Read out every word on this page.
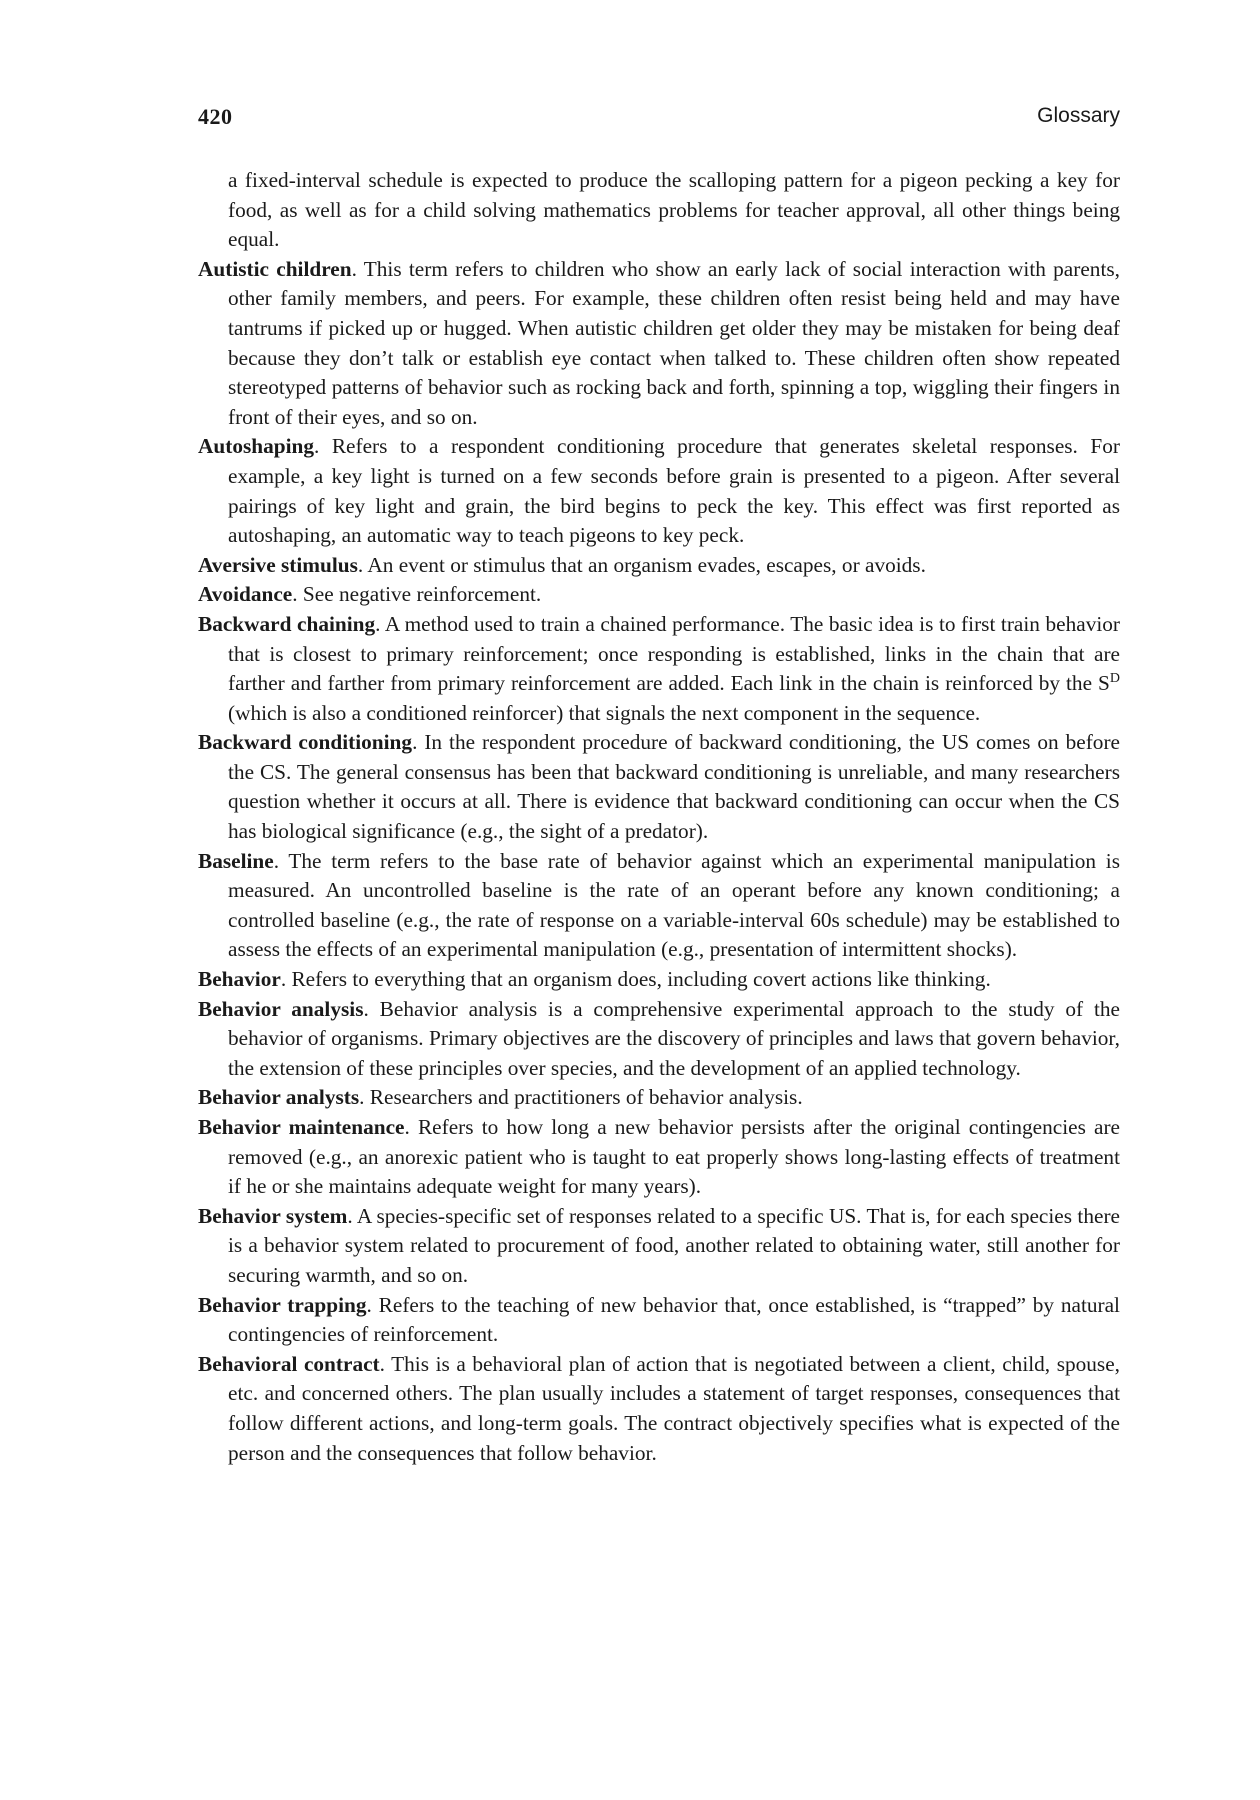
420	Glossary

a fixed-interval schedule is expected to produce the scalloping pattern for a pigeon pecking a key for food, as well as for a child solving mathematics problems for teacher approval, all other things being equal.

Autistic children. This term refers to children who show an early lack of social interaction with parents, other family members, and peers. For example, these children often resist being held and may have tantrums if picked up or hugged. When autistic children get older they may be mistaken for being deaf because they don’t talk or establish eye contact when talked to. These children often show repeated stereotyped patterns of behavior such as rocking back and forth, spinning a top, wiggling their fingers in front of their eyes, and so on.

Autoshaping. Refers to a respondent conditioning procedure that generates skeletal responses. For example, a key light is turned on a few seconds before grain is presented to a pigeon. After several pairings of key light and grain, the bird begins to peck the key. This effect was first reported as autoshaping, an automatic way to teach pigeons to key peck.

Aversive stimulus. An event or stimulus that an organism evades, escapes, or avoids.

Avoidance. See negative reinforcement.

Backward chaining. A method used to train a chained performance. The basic idea is to first train behavior that is closest to primary reinforcement; once responding is established, links in the chain that are farther and farther from primary reinforcement are added. Each link in the chain is reinforced by the $S^D$ (which is also a conditioned reinforcer) that signals the next component in the sequence.

Backward conditioning. In the respondent procedure of backward conditioning, the US comes on before the CS. The general consensus has been that backward conditioning is unreliable, and many researchers question whether it occurs at all. There is evidence that backward conditioning can occur when the CS has biological significance (e.g., the sight of a predator).

Baseline. The term refers to the base rate of behavior against which an experimental manipulation is measured. An uncontrolled baseline is the rate of an operant before any known conditioning; a controlled baseline (e.g., the rate of response on a variable-interval 60s schedule) may be established to assess the effects of an experimental manipulation (e.g., presentation of intermittent shocks).

Behavior. Refers to everything that an organism does, including covert actions like thinking.

Behavior analysis. Behavior analysis is a comprehensive experimental approach to the study of the behavior of organisms. Primary objectives are the discovery of principles and laws that govern behavior, the extension of these principles over species, and the development of an applied technology.

Behavior analysts. Researchers and practitioners of behavior analysis.

Behavior maintenance. Refers to how long a new behavior persists after the original contingencies are removed (e.g., an anorexic patient who is taught to eat properly shows long-lasting effects of treatment if he or she maintains adequate weight for many years).

Behavior system. A species-specific set of responses related to a specific US. That is, for each species there is a behavior system related to procurement of food, another related to obtaining water, still another for securing warmth, and so on.

Behavior trapping. Refers to the teaching of new behavior that, once established, is “trapped” by natural contingencies of reinforcement.

Behavioral contract. This is a behavioral plan of action that is negotiated between a client, child, spouse, etc. and concerned others. The plan usually includes a statement of target responses, consequences that follow different actions, and long-term goals. The contract objectively specifies what is expected of the person and the consequences that follow behavior.
